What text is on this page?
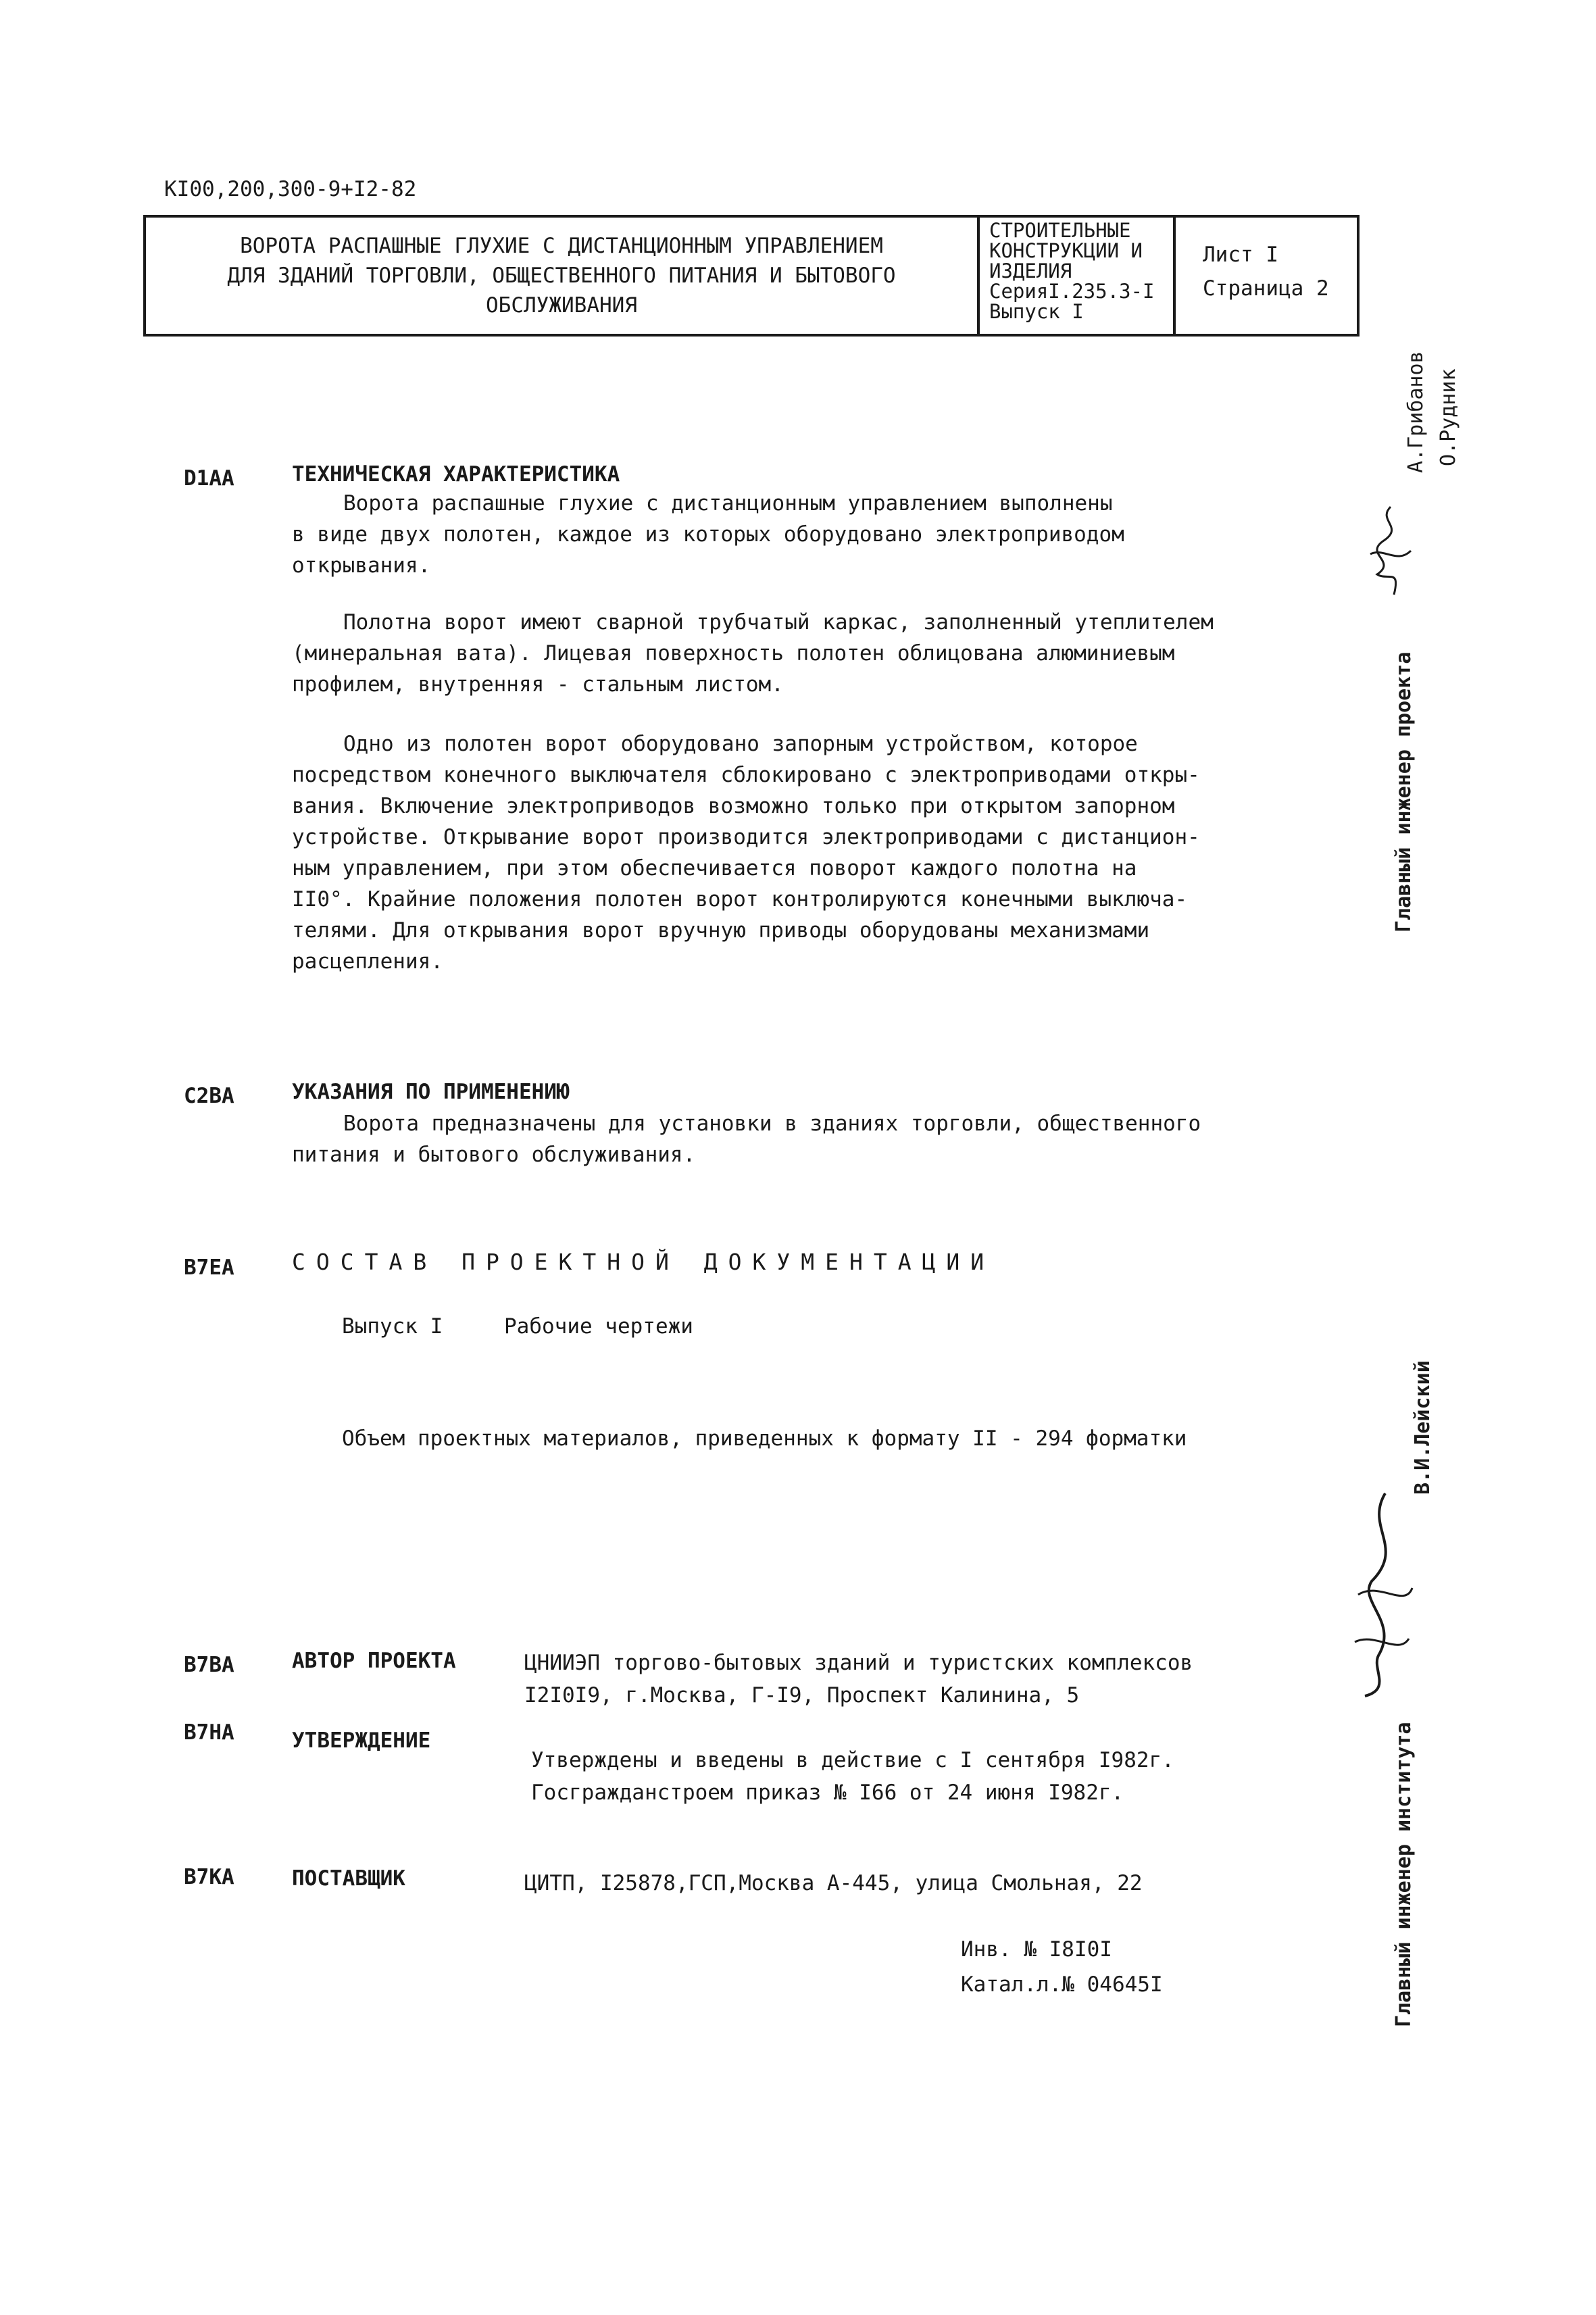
КI00,200,300-9+I2-82
ВОРОТА РАСПАШНЫЕ ГЛУХИЕ С ДИСТАНЦИОННЫМ УПРАВЛЕНИЕМ
ДЛЯ ЗДАНИЙ ТОРГОВЛИ, ОБЩЕСТВЕННОГО ПИТАНИЯ И БЫТОВОГО
ОБСЛУЖИВАНИЯ
СТРОИТЕЛЬНЫЕ
КОНСТРУКЦИИ И
ИЗДЕЛИЯ
СерияI.235.3-I
Выпуск I
Лист I
Страница 2
D1AA	ТЕХНИЧЕСКАЯ ХАРАКТЕРИСТИКА
Ворота распашные глухие с дистанционным управлением выполнены
в виде двух полотен, каждое из которых оборудовано электроприводом
открывания.
Полотна ворот имеют сварной трубчатый каркас, заполненный утеплителем
(минеральная вата). Лицевая поверхность полотен облицована алюминиевым
профилем, внутренняя - стальным листом.
Одно из полотен ворот оборудовано запорным устройством, которое
посредством конечного выключателя сблокировано с электроприводами откры-
вания. Включение электроприводов возможно только при открытом запорном
устройстве. Открывание ворот производится электроприводами с дистанцион-
ным управлением, при этом обеспечивается поворот каждого полотна на
II0°. Крайние положения полотен ворот контролируются конечными выключа-
телями. Для открывания ворот вручную приводы оборудованы механизмами
расцепления.
C2BA	УКАЗАНИЯ ПО ПРИМЕНЕНИЮ
Ворота предназначены для установки в зданиях торговли, общественного
питания и бытового обслуживания.
B7EA	СОСТАВ ПРОЕКТНОЙ ДОКУМЕНТАЦИИ
Выпуск I	Рабочие чертежи
Объем проектных материалов, приведенных к формату II - 294 форматки
B7BA	АВТОР ПРОЕКТА	ЦНИИЭП торгово-бытовых зданий и туристских комплексов
I2I0I9, г.Москва, Г-I9, Проспект Калинина, 5
B7HA	УТВЕРЖДЕНИЕ
Утверждены и введены в действие с I сентября I982г.
Госгражданстроем приказ № I66 от 24 июня I982г.
B7KA	ПОСТАВЩИК	ЦИТП, I25878,ГСП,Москва А-445, улица Смольная, 22
Инв. № I8I0I
Катал.л.№ 04645I
Главный инженер проекта
А.Грибанов О.Рудник
Главный инженер института
В.И.Лейский
